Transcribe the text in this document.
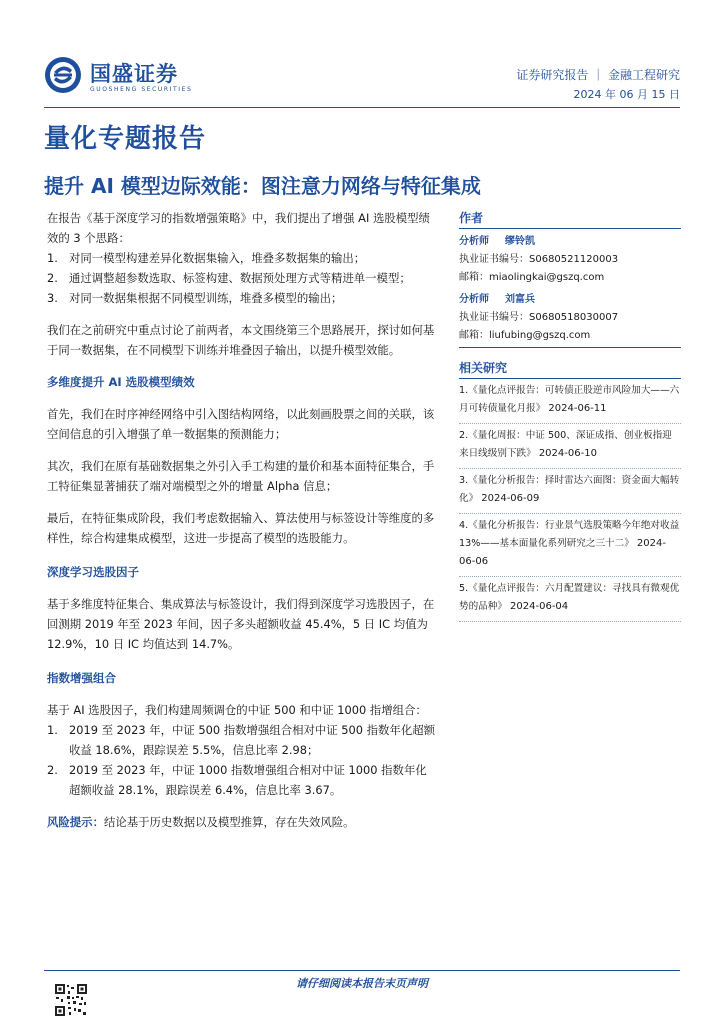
国盛证券
GUOSHENG SECURITIES
证券研究报告 ｜ 金融工程研究
2024 年 06 月 15 日
量化专题报告
提升 AI 模型边际效能：图注意力网络与特征集成

在报告《基于深度学习的指数增强策略》中，我们提出了增强 AI 选股模型绩效的 3 个思路：

1. 对同一模型构建差异化数据集输入，堆叠多数据集的输出；
2. 通过调整超参数选取、标签构建、数据预处理方式等精进单一模型；
3. 对同一数据集根据不同模型训练，堆叠多模型的输出；

我们在之前研究中重点讨论了前两者，本文围绕第三个思路展开，探讨如何基于同一数据集，在不同模型下训练并堆叠因子输出，以提升模型效能。

多维度提升 AI 选股模型绩效

首先，我们在时序神经网络中引入图结构网络，以此刻画股票之间的关联，该空间信息的引入增强了单一数据集的预测能力；

其次，我们在原有基础数据集之外引入手工构建的量价和基本面特征集合，手工特征集显著捕获了端对端模型之外的增量 Alpha 信息；

最后，在特征集成阶段，我们考虑数据输入、算法使用与标签设计等维度的多样性，综合构建集成模型，这进一步提高了模型的选股能力。

深度学习选股因子

基于多维度特征集合、集成算法与标签设计，我们得到深度学习选股因子，在回测期 2019 年至 2023 年间，因子多头超额收益 45.4%，5 日 IC 均值为 12.9%，10 日 IC 均值达到 14.7%。

指数增强组合

基于 AI 选股因子，我们构建周频调仓的中证 500 和中证 1000 指增组合：

1. 2019 至 2023 年，中证 500 指数增强组合相对中证 500 指数年化超额收益 18.6%，跟踪误差 5.5%，信息比率 2.98；
2. 2019 至 2023 年，中证 1000 指数增强组合相对中证 1000 指数年化超额收益 28.1%，跟踪误差 6.4%，信息比率 3.67。

风险提示：结论基于历史数据以及模型推算，存在失效风险。

作者
分析师 缪铃凯
执业证书编号：S0680521120003
邮箱：miaolingkai@gszq.com
分析师 刘富兵
执业证书编号：S0680518030007
邮箱：liufubing@gszq.com
相关研究
1.《量化点评报告：可转债正股逆市风险加大——六月可转债量化月报》 2024-06-11
2.《量化周报：中证 500、深证成指、创业板指迎来日线级别下跌》 2024-06-10
3.《量化分析报告：择时雷达六面图：资金面大幅转化》 2024-06-09
4.《量化分析报告：行业景气选股策略今年绝对收益 13%——基本面量化系列研究之三十二》 2024-06-06
5.《量化点评报告：六月配置建议：寻找具有微观优势的品种》 2024-06-04
请仔细阅读本报告末页声明
